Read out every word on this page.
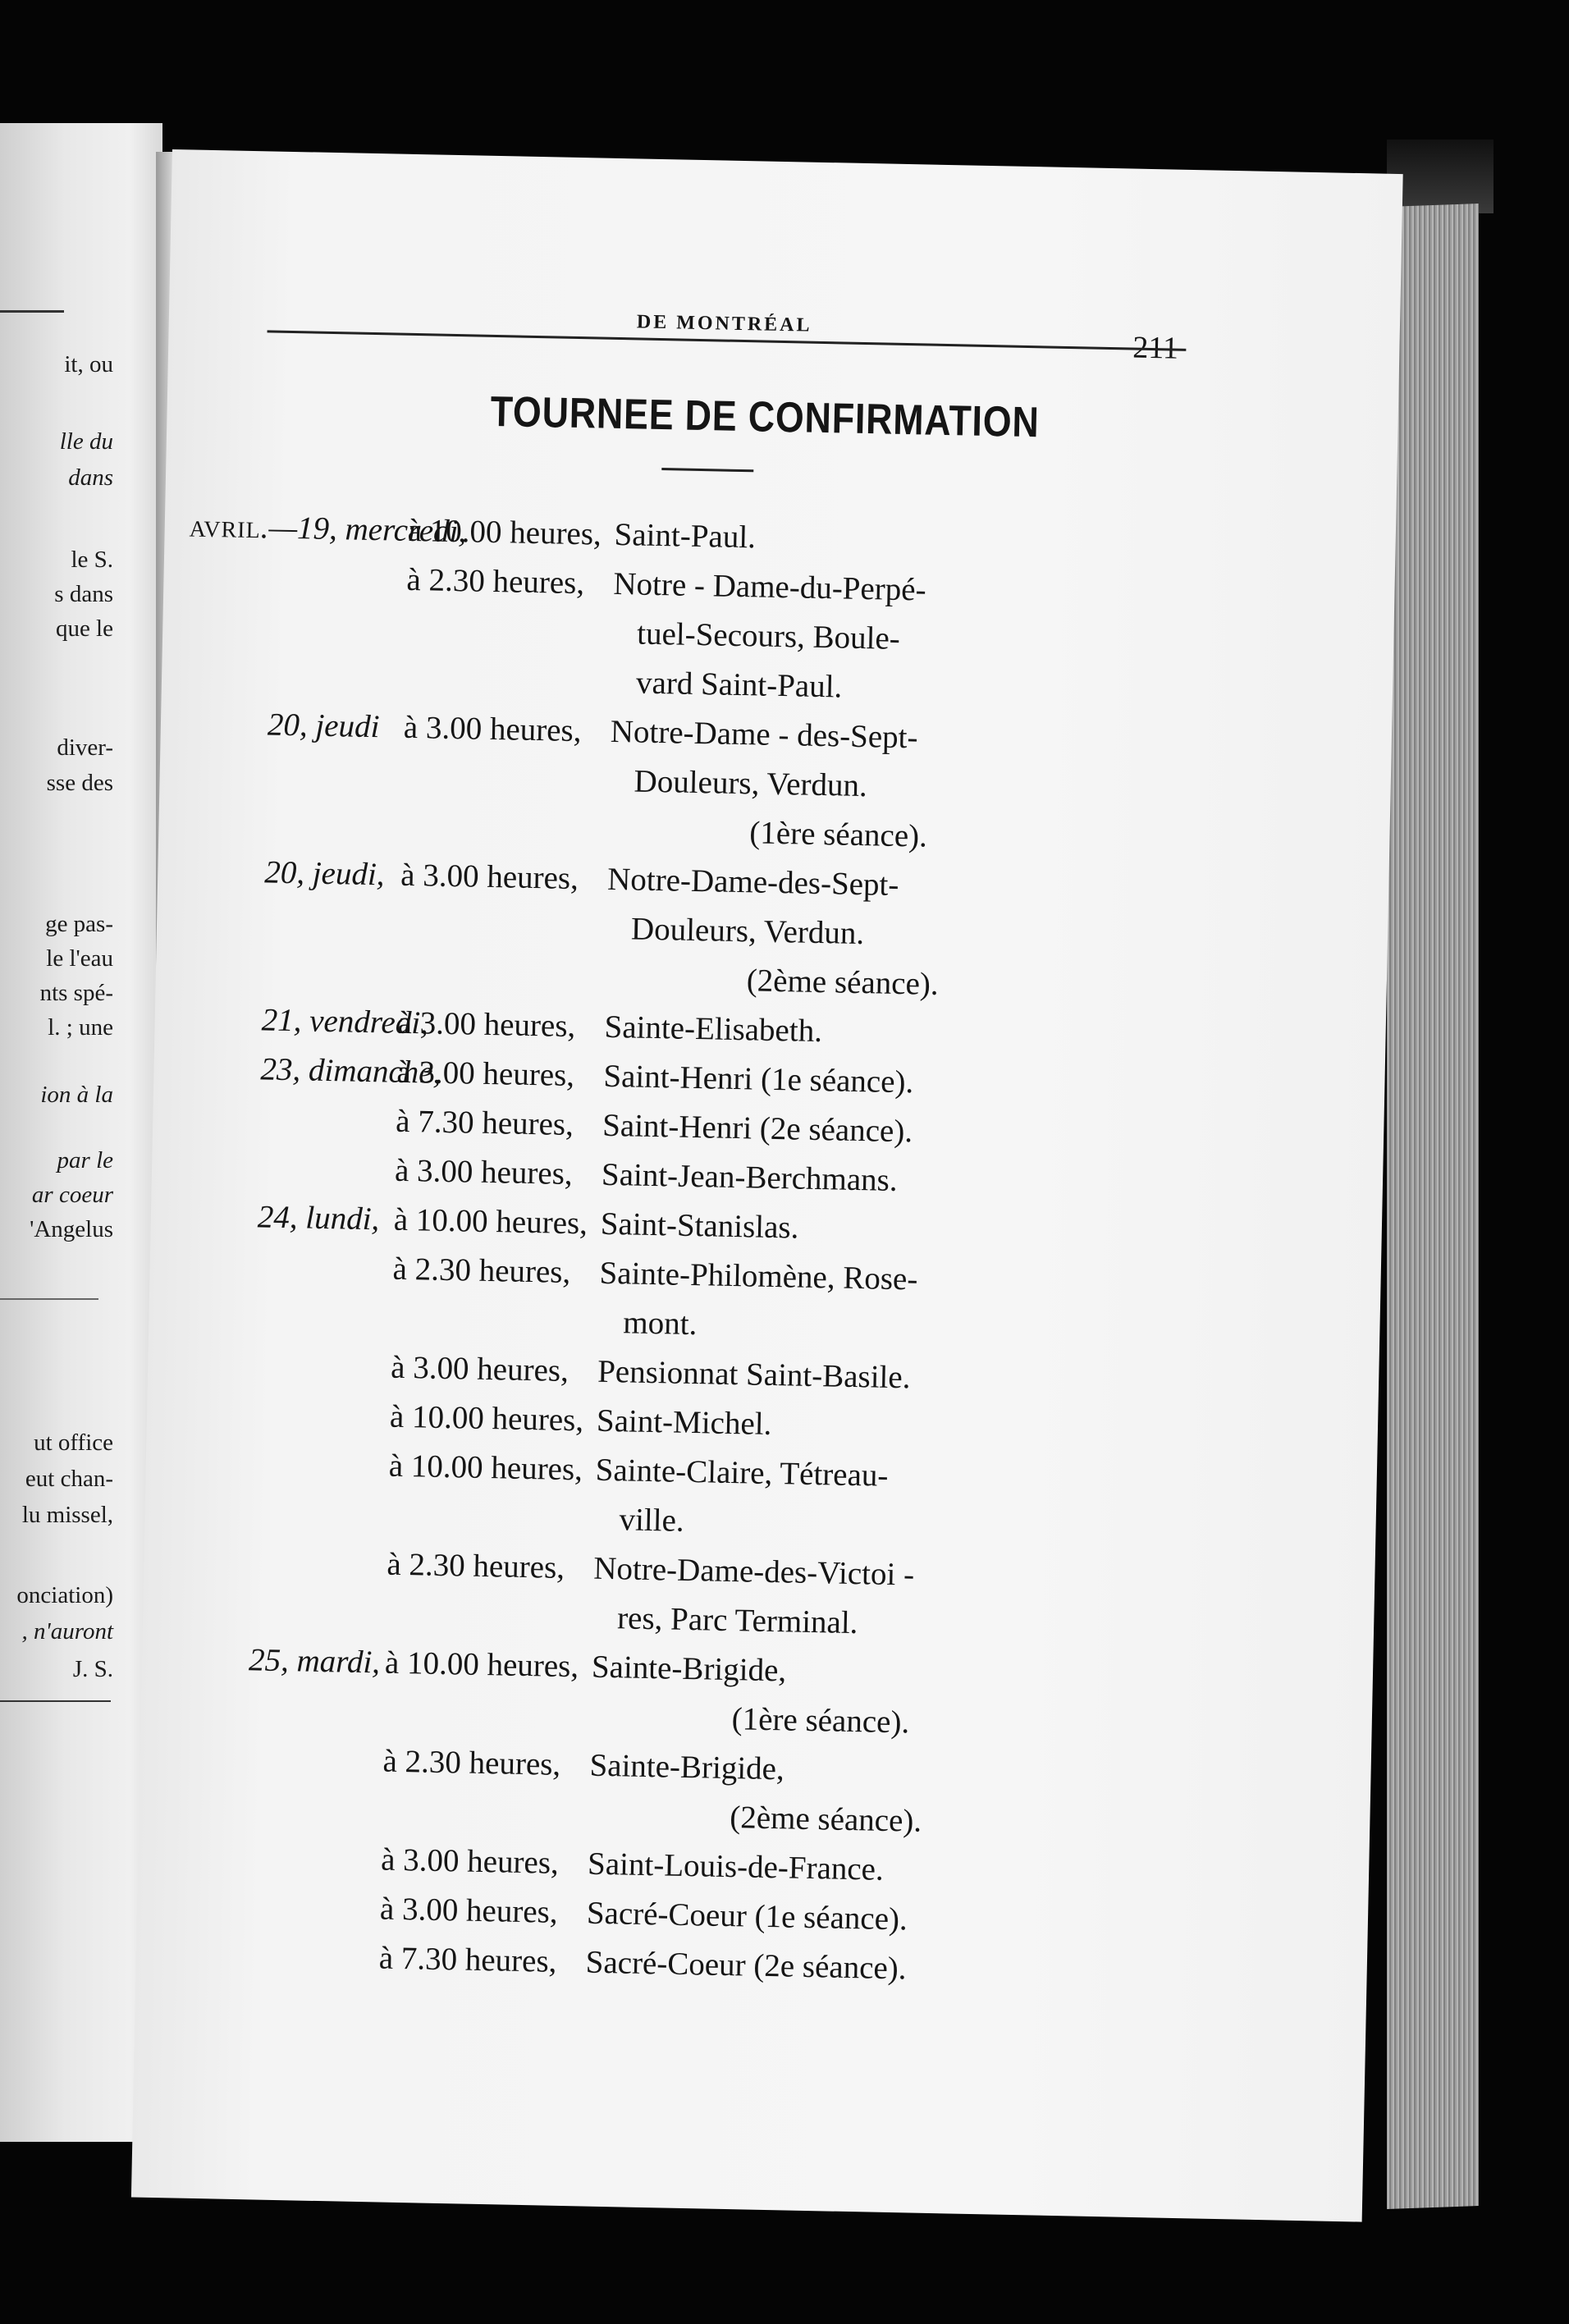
it, ou
lle du
dans
le S.
s dans
que le
diver-
sse des
ge pas-
le l'eau
nts spé-
l. ; une
ion à la
par le
ar coeur
'Angelus
ut office
eut chan-
lu missel,
onciation)
, n'auront
J. S.
DE MONTRÉAL
211
TOURNEE DE CONFIRMATION
AVRIL.—19, mercredi,
à 10.00 heures, Saint-Paul.
à 2.30 heures, Notre - Dame-du-Perpé-
tuel-Secours, Boule-
vard Saint-Paul.
20, jeudi à 3.00 heures, Notre-Dame - des-Sept-
Douleurs, Verdun.
(1ère séance).
20, jeudi, à 3.00 heures, Notre-Dame-des-Sept-
Douleurs, Verdun.
(2ème séance).
21, vendredi,
à 3.00 heures, Sainte-Elisabeth.
23, dimanche,
à 3.00 heures, Saint-Henri (1e séance).
à 7.30 heures, Saint-Henri (2e séance).
à 3.00 heures, Saint-Jean-Berchmans.
24, lundi, à 10.00 heures, Saint-Stanislas.
à 2.30 heures, Sainte-Philomène, Rose-
mont.
à 3.00 heures, Pensionnat Saint-Basile.
à 10.00 heures, Saint-Michel.
à 10.00 heures, Sainte-Claire, Tétreau-
ville.
à 2.30 heures, Notre-Dame-des-Victoi -
res, Parc Terminal.
25, mardi, à 10.00 heures, Sainte-Brigide,
(1ère séance).
à 2.30 heures, Sainte-Brigide,
(2ème séance).
à 3.00 heures, Saint-Louis-de-France.
à 3.00 heures, Sacré-Coeur (1e séance).
à 7.30 heures, Sacré-Coeur (2e séance).
